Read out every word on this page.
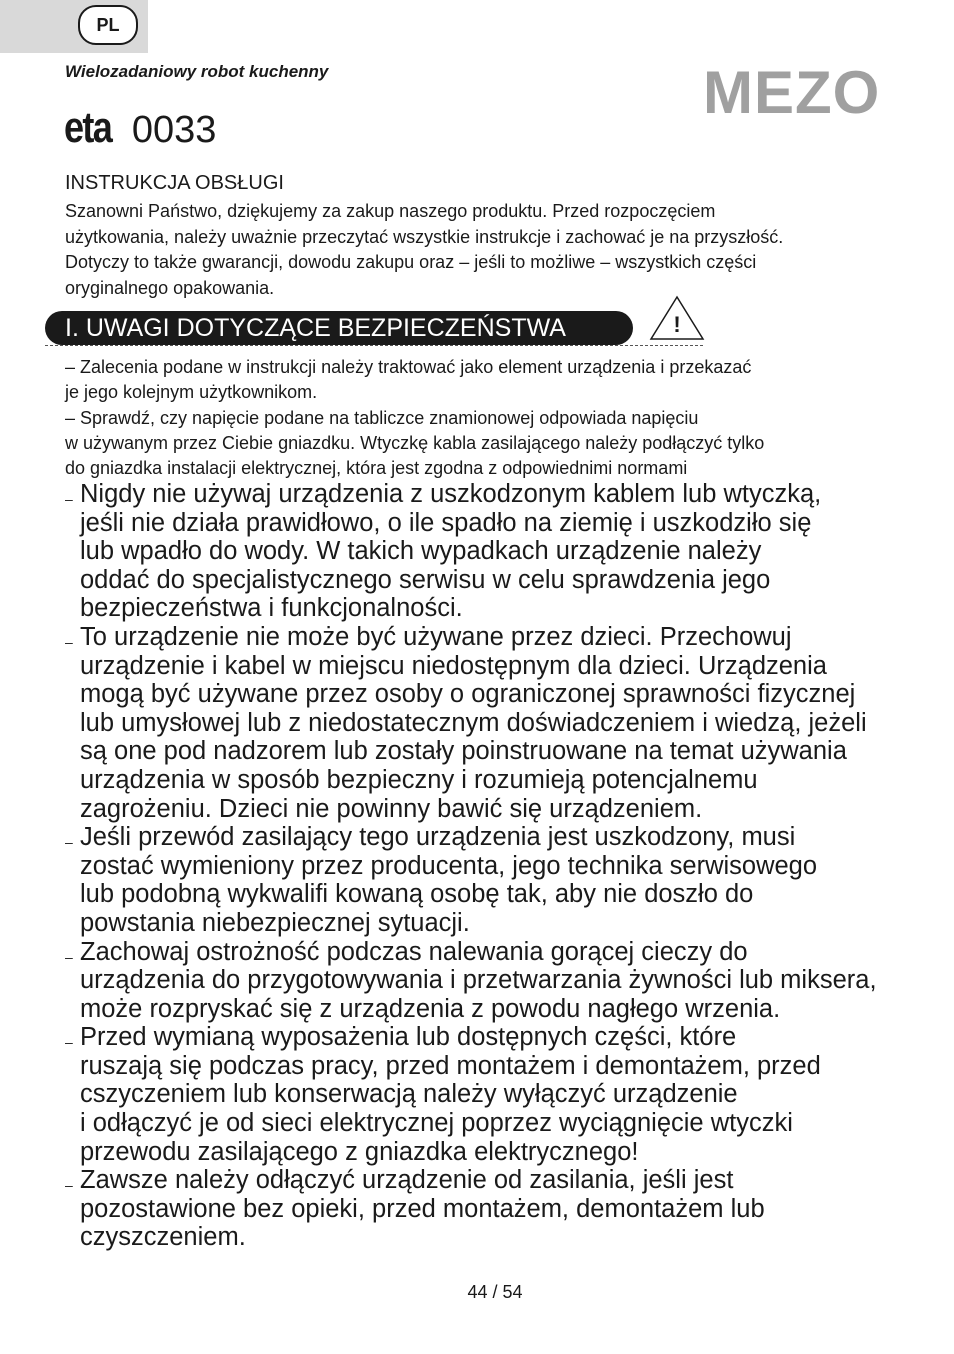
PL
Wielozadaniowy robot kuchenny	MEZO
eta 0033
INSTRUKCJA OBSŁUGI
Szanowni Państwo, dziękujemy za zakup naszego produktu. Przed rozpoczęciem
użytkowania, należy uważnie przeczytać wszystkie instrukcje i zachować je na przyszłość.
Dotyczy to także gwarancji, dowodu zakupu oraz – jeśli to możliwe – wszystkich części
oryginalnego opakowania.
I. UWAGI DOTYCZĄCE BEZPIECZEŃSTWA	!
– Zalecenia podane w instrukcji należy traktować jako element urządzenia i przekazać
je jego kolejnym użytkownikom.
– Sprawdź, czy napięcie podane na tabliczce znamionowej odpowiada napięciu
w używanym przez Ciebie gniazdku. Wtyczkę kabla zasilającego należy podłączyć tylko
do gniazdka instalacji elektrycznej, która jest zgodna z odpowiednimi normami
– Nigdy nie używaj urządzenia z uszkodzonym kablem lub wtyczką,
jeśli nie działa prawidłowo, o ile spadło na ziemię i uszkodziło się
lub wpadło do wody. W takich wypadkach urządzenie należy
oddać do specjalistycznego serwisu w celu sprawdzenia jego
bezpieczeństwa i funkcjonalności.
– To urządzenie nie może być używane przez dzieci. Przechowuj
urządzenie i kabel w miejscu niedostępnym dla dzieci. Urządzenia
mogą być używane przez osoby o ograniczonej sprawności fizycznej
lub umysłowej lub z niedostatecznym doświadczeniem i wiedzą, jeżeli
są one pod nadzorem lub zostały poinstruowane na temat używania
urządzenia w sposób bezpieczny i rozumieją potencjalnemu
zagrożeniu. Dzieci nie powinny bawić się urządzeniem.
– Jeśli przewód zasilający tego urządzenia jest uszkodzony, musi
zostać wymieniony przez producenta, jego technika serwisowego
lub podobną wykwalifi kowaną osobę tak, aby nie doszło do
powstania niebezpiecznej sytuacji.
– Zachowaj ostrożność podczas nalewania gorącej cieczy do
urządzenia do przygotowywania i przetwarzania żywności lub miksera,
może rozpryskać się z urządzenia z powodu nagłego wrzenia.
– Przed wymianą wyposażenia lub dostępnych części, które
ruszają się podczas pracy, przed montażem i demontażem, przed
cszyczeniem lub konserwacją należy wyłączyć urządzenie
i odłączyć je od sieci elektrycznej poprzez wyciągnięcie wtyczki
przewodu zasilającego z gniazdka elektrycznego!
– Zawsze należy odłączyć urządzenie od zasilania, jeśli jest
pozostawione bez opieki, przed montażem, demontażem lub
czyszczeniem.
44 / 54
